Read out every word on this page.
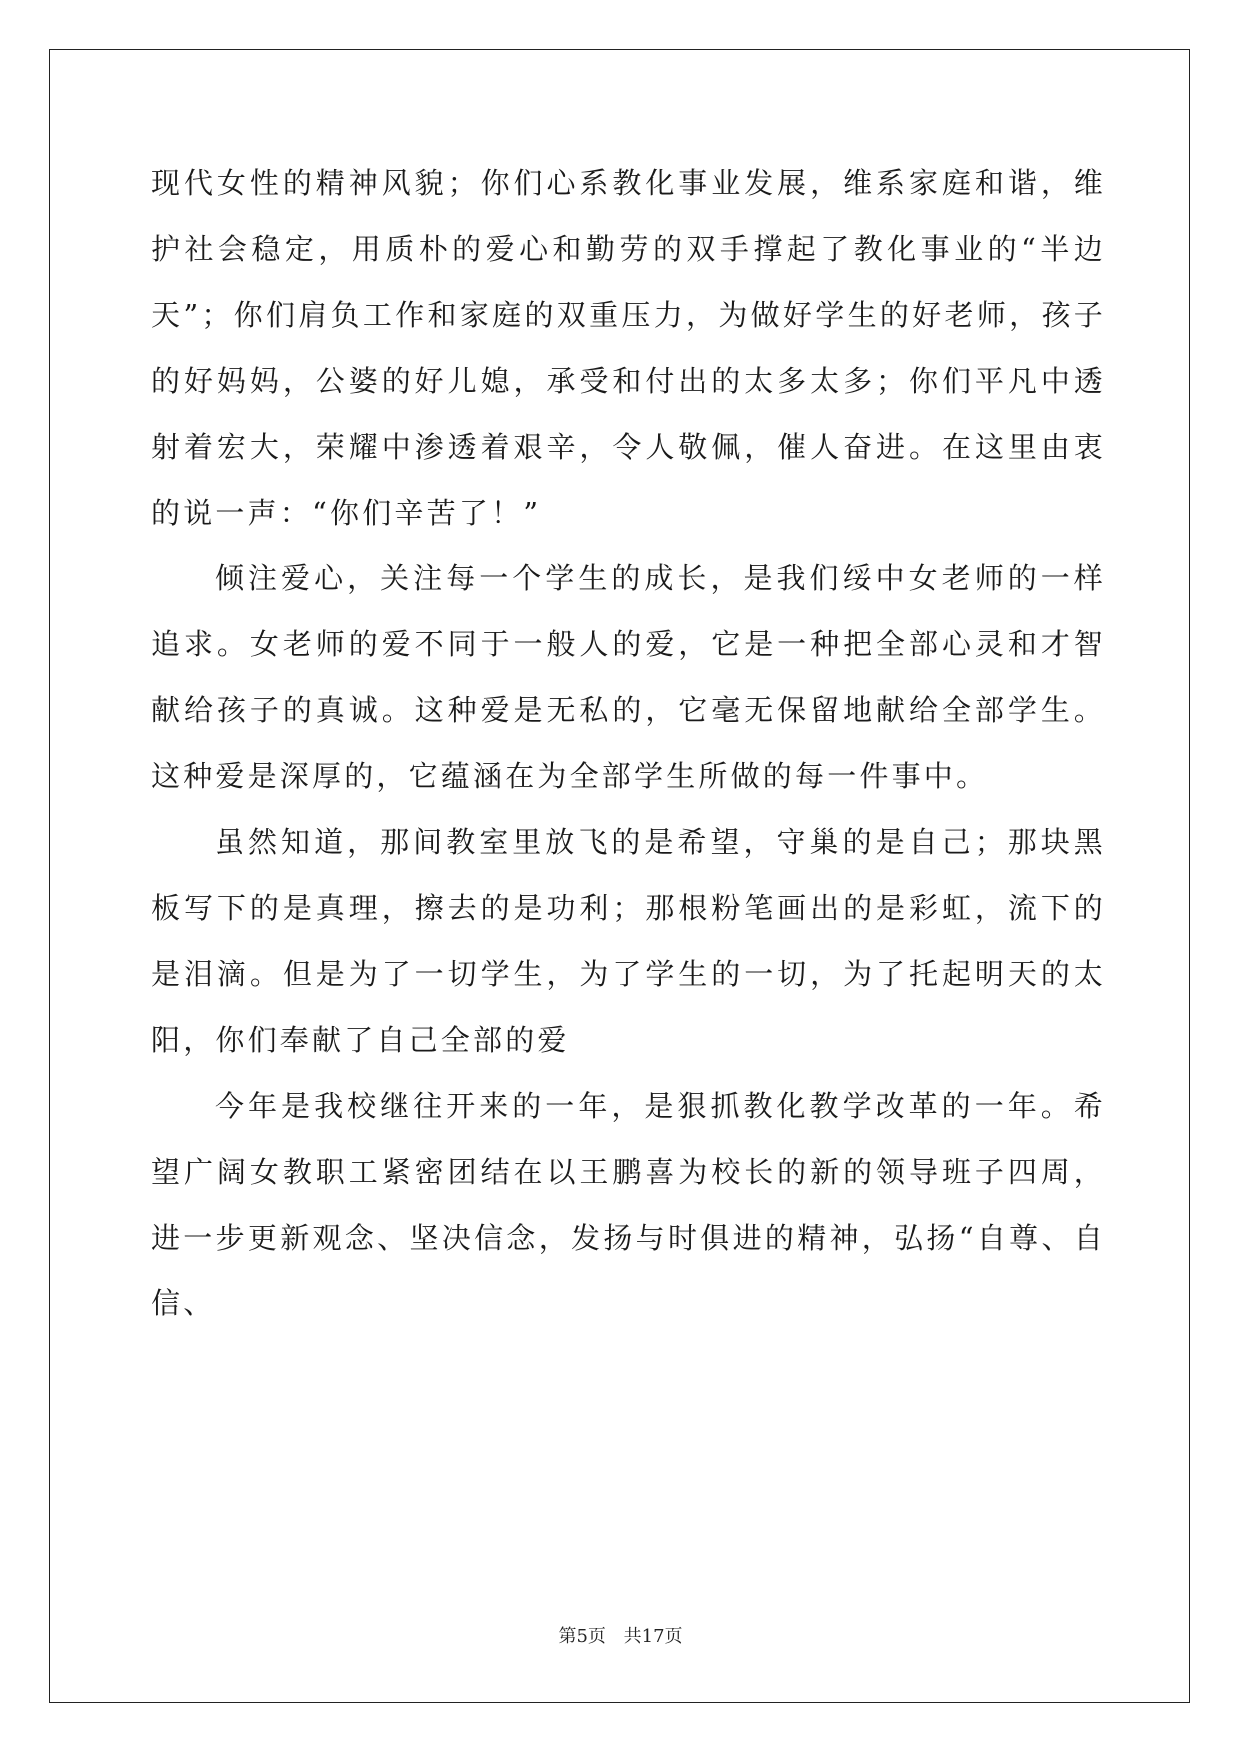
现代女性的精神风貌；你们心系教化事业发展，维系家庭和谐，维护社会稳定，用质朴的爱心和勤劳的双手撑起了教化事业的“半边天”；你们肩负工作和家庭的双重压力，为做好学生的好老师，孩子的好妈妈，公婆的好儿媳，承受和付出的太多太多；你们平凡中透射着宏大，荣耀中渗透着艰辛，令人敬佩，催人奋进。在这里由衷的说一声：“你们辛苦了！”

倾注爱心，关注每一个学生的成长，是我们绥中女老师的一样追求。女老师的爱不同于一般人的爱，它是一种把全部心灵和才智献给孩子的真诚。这种爱是无私的，它毫无保留地献给全部学生。这种爱是深厚的，它蕴涵在为全部学生所做的每一件事中。

虽然知道，那间教室里放飞的是希望，守巢的是自己；那块黑板写下的是真理，擦去的是功利；那根粉笔画出的是彩虹，流下的是泪滴。但是为了一切学生，为了学生的一切，为了托起明天的太阳，你们奉献了自己全部的爱

今年是我校继往开来的一年，是狠抓教化教学改革的一年。希望广阔女教职工紧密团结在以王鹏喜为校长的新的领导班子四周，进一步更新观念、坚决信念，发扬与时俱进的精神，弘扬“自尊、自信、

第5页 共17页
